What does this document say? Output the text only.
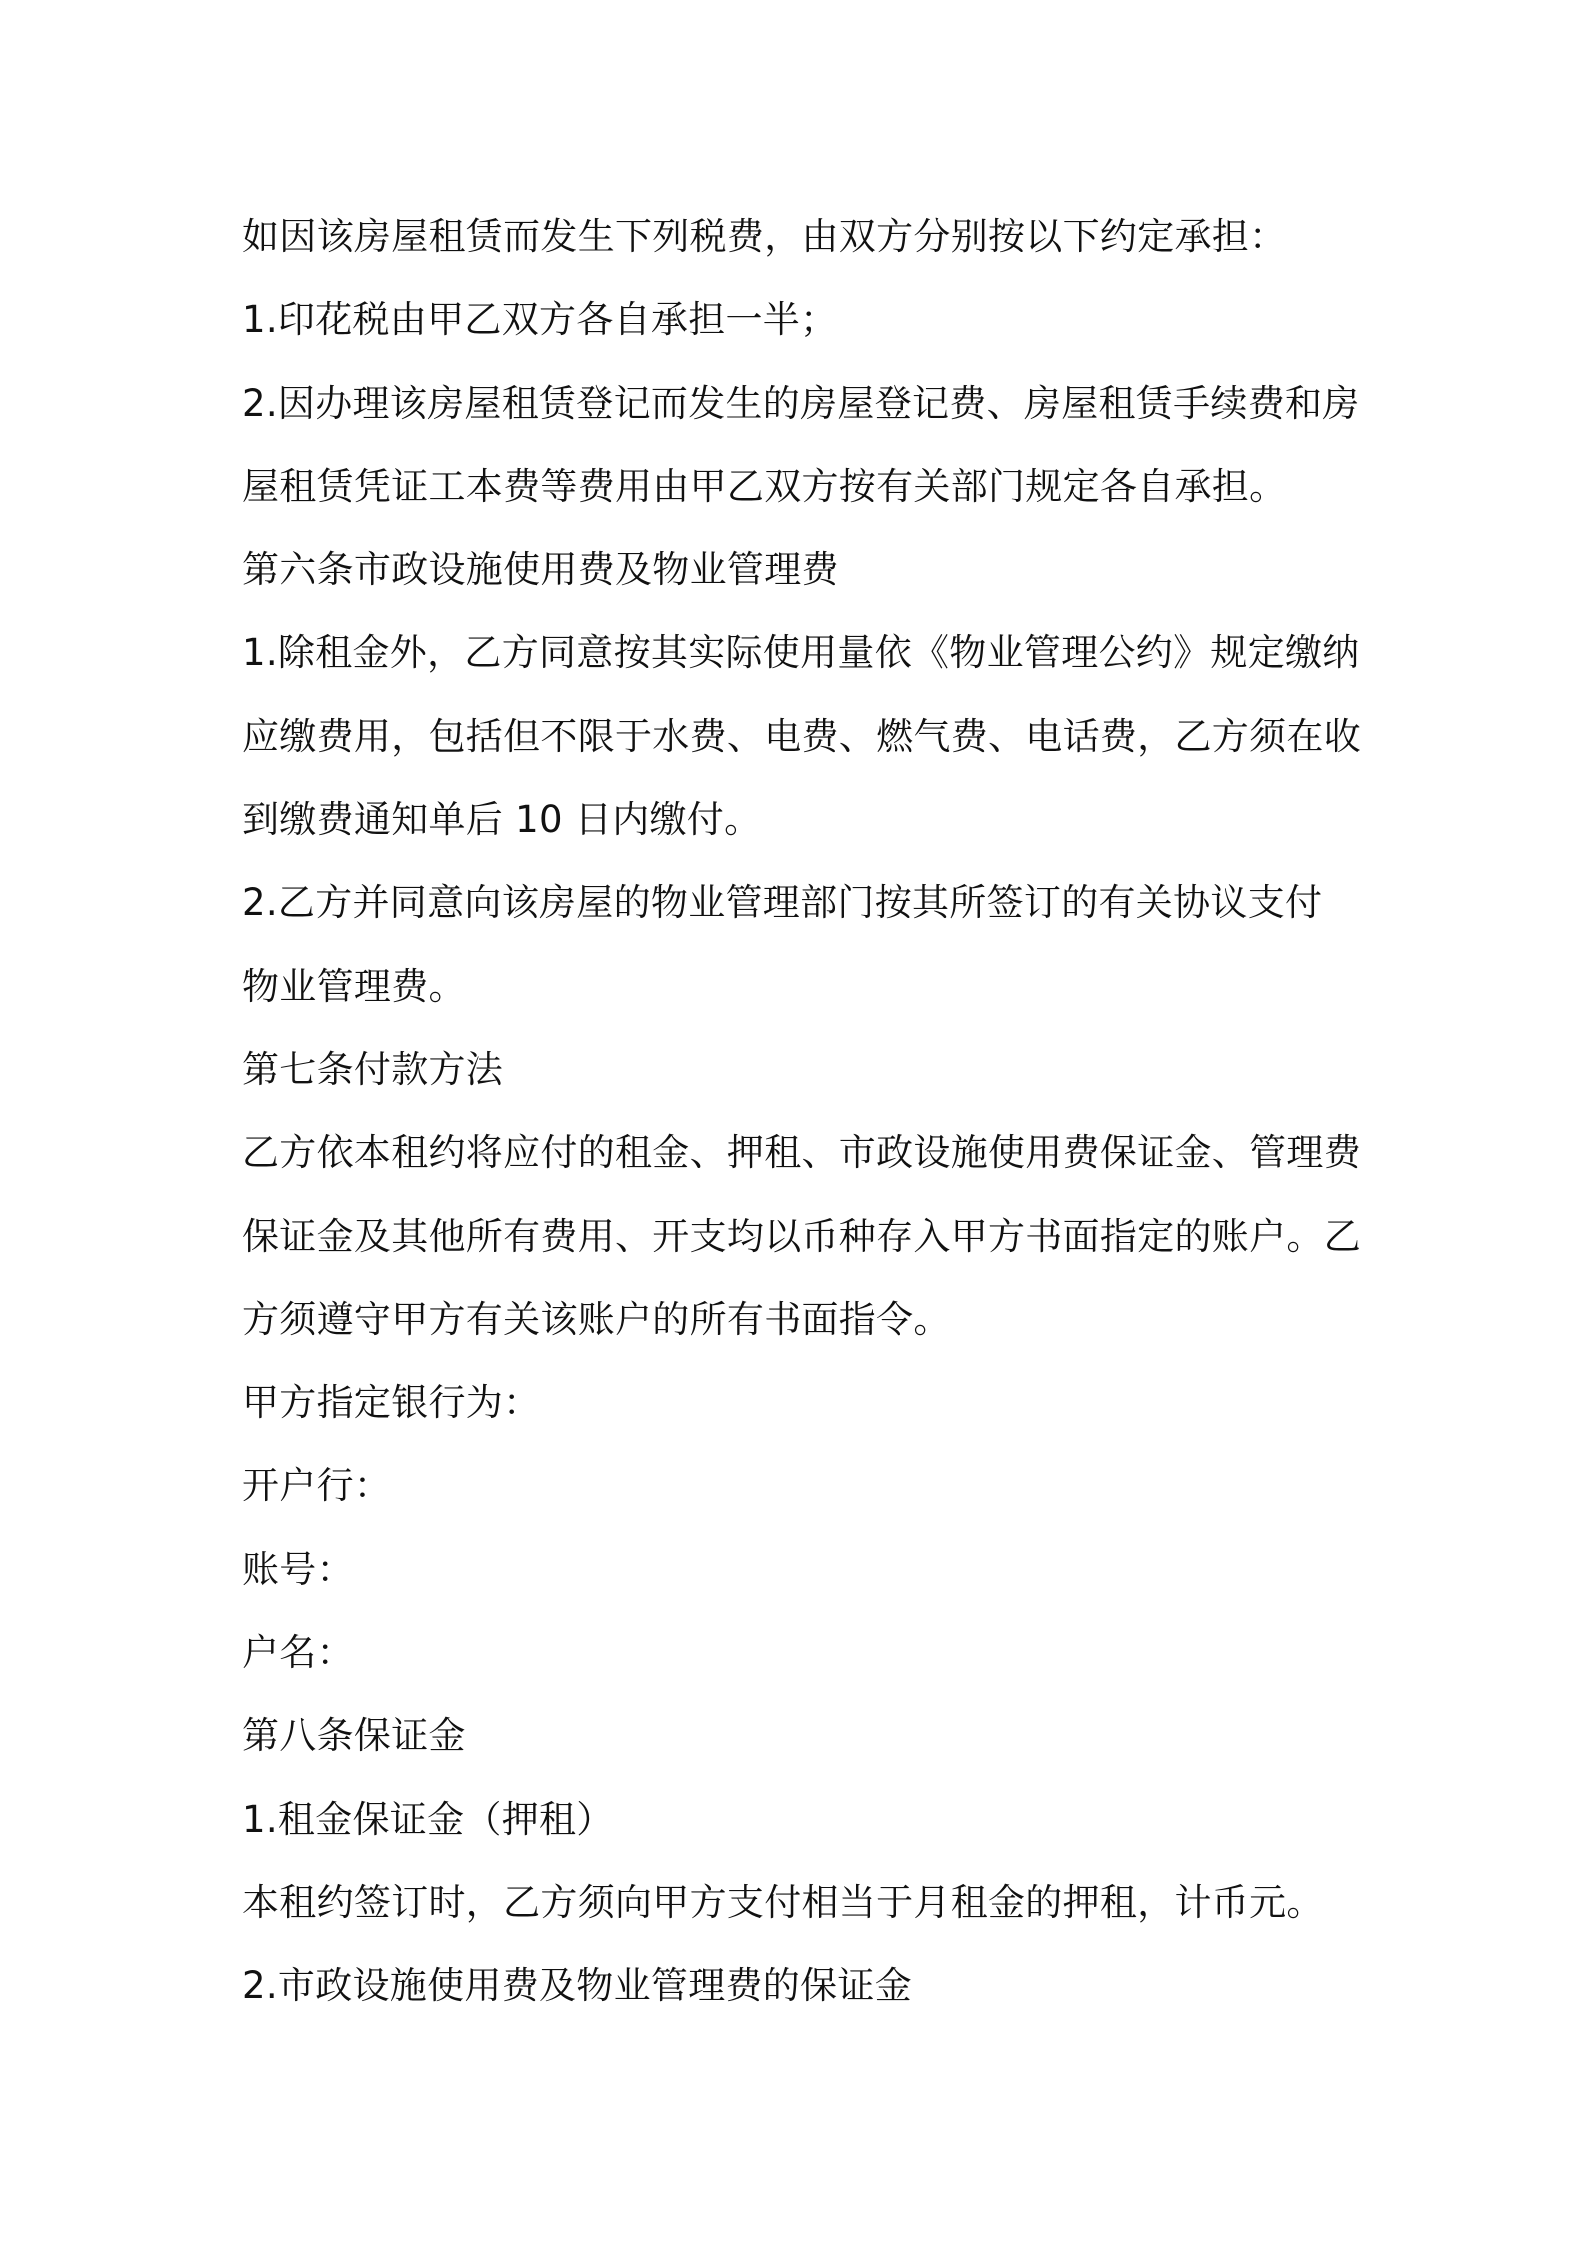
如因该房屋租赁而发生下列税费，由双方分别按以下约定承担：
1.印花税由甲乙双方各自承担一半；
2.因办理该房屋租赁登记而发生的房屋登记费、房屋租赁手续费和房
屋租赁凭证工本费等费用由甲乙双方按有关部门规定各自承担。
第六条市政设施使用费及物业管理费
1.除租金外，乙方同意按其实际使用量依《物业管理公约》规定缴纳
应缴费用，包括但不限于水费、电费、燃气费、电话费，乙方须在收
到缴费通知单后 10 日内缴付。
2.乙方并同意向该房屋的物业管理部门按其所签订的有关协议支付
物业管理费。
第七条付款方法
乙方依本租约将应付的租金、押租、市政设施使用费保证金、管理费
保证金及其他所有费用、开支均以币种存入甲方书面指定的账户。乙
方须遵守甲方有关该账户的所有书面指令。
甲方指定银行为：
开户行：
账号：
户名：
第八条保证金
1.租金保证金（押租）
本租约签订时，乙方须向甲方支付相当于月租金的押租，计币元。
2.市政设施使用费及物业管理费的保证金
